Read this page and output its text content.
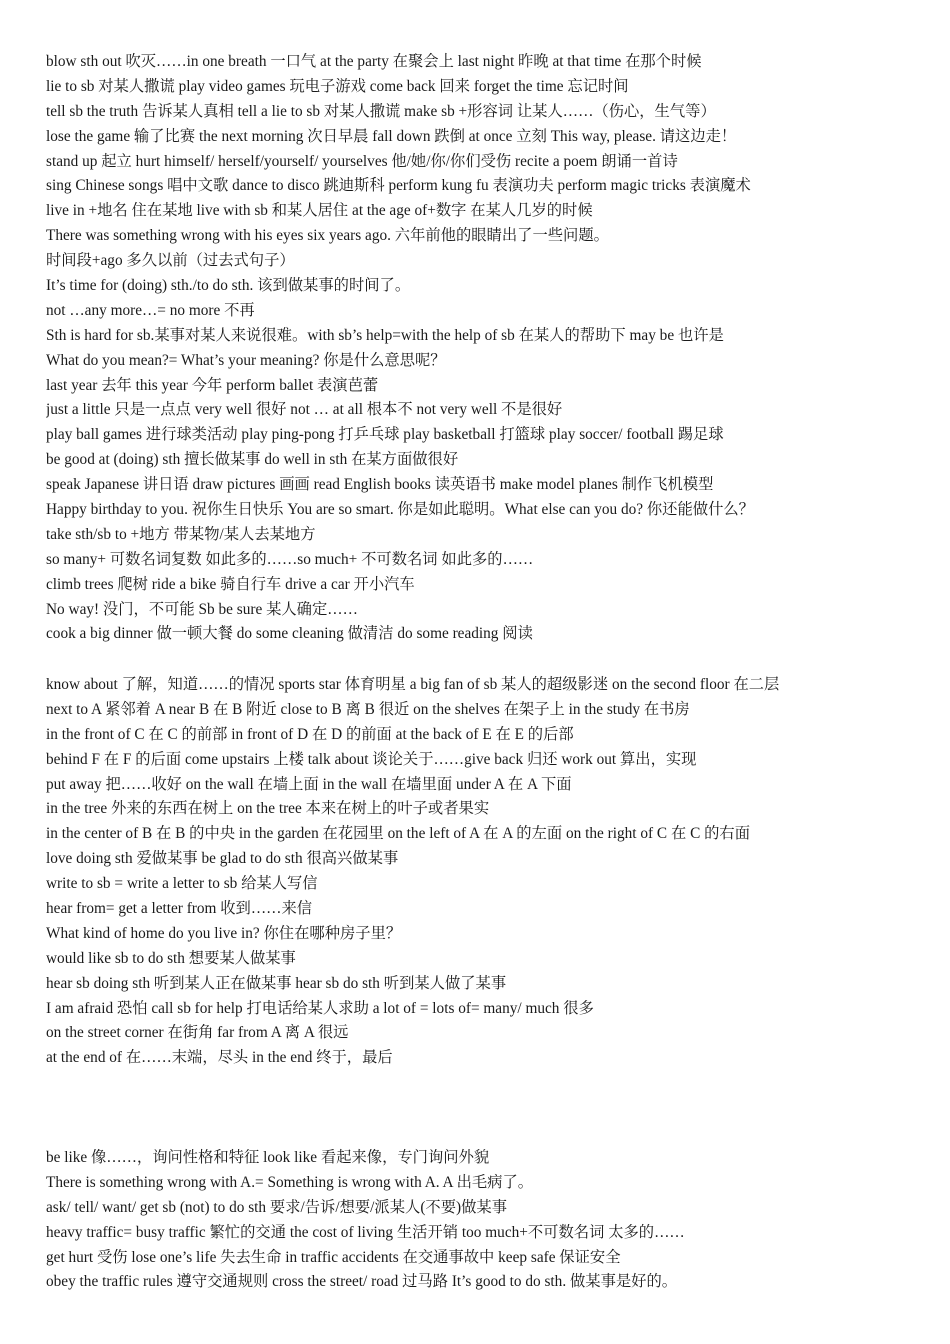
blow sth out 吹灭……in one breath 一口气 at the party 在聚会上 last night 昨晚 at that time 在那个时候
lie to sb 对某人撒谎 play video games 玩电子游戏 come back 回来 forget the time 忘记时间
tell sb the truth 告诉某人真相 tell a lie to sb 对某人撒谎 make sb +形容词 让某人……（伤心，生气等）
lose the game 输了比赛 the next morning 次日早晨 fall down 跌倒 at once 立刻 This way, please. 请这边走！
stand up 起立 hurt himself/ herself/yourself/ yourselves 他/她/你/你们受伤 recite a poem 朗诵一首诗
sing Chinese songs 唱中文歌 dance to disco 跳迪斯科 perform kung fu 表演功夫 perform magic tricks 表演魔术
live in +地名 住在某地 live with sb 和某人居住 at the age of+数字 在某人几岁的时候
There was something wrong with his eyes six years ago. 六年前他的眼睛出了一些问题。
时间段+ago 多久以前（过去式句子）
It’s time for (doing) sth./to do sth. 该到做某事的时间了。
not …any more…= no more 不再
Sth is hard for sb.某事对某人来说很难。with sb’s help=with the help of sb 在某人的帮助下 may be 也许是
What do you mean?= What’s your meaning? 你是什么意思呢？
last year 去年 this year 今年 perform ballet 表演芭蕾
just a little 只是一点点 very well 很好 not … at all 根本不 not very well 不是很好
play ball games 进行球类活动 play ping-pong 打乒乓球 play basketball 打篮球 play soccer/ football 踢足球
be good at (doing) sth 擅长做某事 do well in sth 在某方面做很好
speak Japanese 讲日语 draw pictures 画画 read English books 读英语书 make model planes 制作飞机模型
Happy birthday to you. 祝你生日快乐 You are so smart. 你是如此聪明。What else can you do? 你还能做什么？
take sth/sb to +地方 带某物/某人去某地方
so many+ 可数名词复数 如此多的……so much+ 不可数名词 如此多的……
climb trees 爬树 ride a bike 骑自行车 drive a car 开小汽车
No way! 没门，不可能 Sb be sure 某人确定……
cook a big dinner 做一顿大餐 do some cleaning 做清洁 do some reading 阅读
know about 了解，知道……的情况 sports star 体育明星 a big fan of sb 某人的超级影迷 on the second floor 在二层
next to A 紧邻着 A near B 在 B 附近 close to B 离 B 很近 on the shelves 在架子上 in the study 在书房
in the front of C 在 C 的前部 in front of D 在 D 的前面 at the back of E 在 E 的后部
behind F 在 F 的后面 come upstairs 上楼 talk about 谈论关于……give back 归还 work out 算出，实现
put away 把……收好 on the wall 在墙上面 in the wall 在墙里面 under A 在 A 下面
in the tree 外来的东西在树上 on the tree 本来在树上的叶子或者果实
in the center of B 在 B 的中央 in the garden 在花园里 on the left of A 在 A 的左面 on the right of C 在 C 的右面
love doing sth 爱做某事 be glad to do sth 很高兴做某事
write to sb = write a letter to sb 给某人写信
hear from= get a letter from 收到……来信
What kind of home do you live in? 你住在哪种房子里？
would like sb to do sth 想要某人做某事
hear sb doing sth 听到某人正在做某事 hear sb do sth 听到某人做了某事
I am afraid 恐怕 call sb for help 打电话给某人求助 a lot of = lots of= many/ much 很多
on the street corner 在街角 far from A 离 A 很远
at the end of 在……末端，尽头 in the end 终于，最后
be like 像……，询问性格和特征 look like 看起来像，专门询问外貌
There is something wrong with A.= Something is wrong with A. A 出毛病了。
ask/ tell/ want/ get sb (not) to do sth 要求/告诉/想要/派某人(不要)做某事
heavy traffic= busy traffic 繁忙的交通 the cost of living 生活开销 too much+不可数名词 太多的……
get hurt 受伤 lose one’s life 失去生命 in traffic accidents 在交通事故中 keep safe 保证安全
obey the traffic rules 遵守交通规则 cross the street/ road 过马路 It’s good to do sth. 做某事是好的。
